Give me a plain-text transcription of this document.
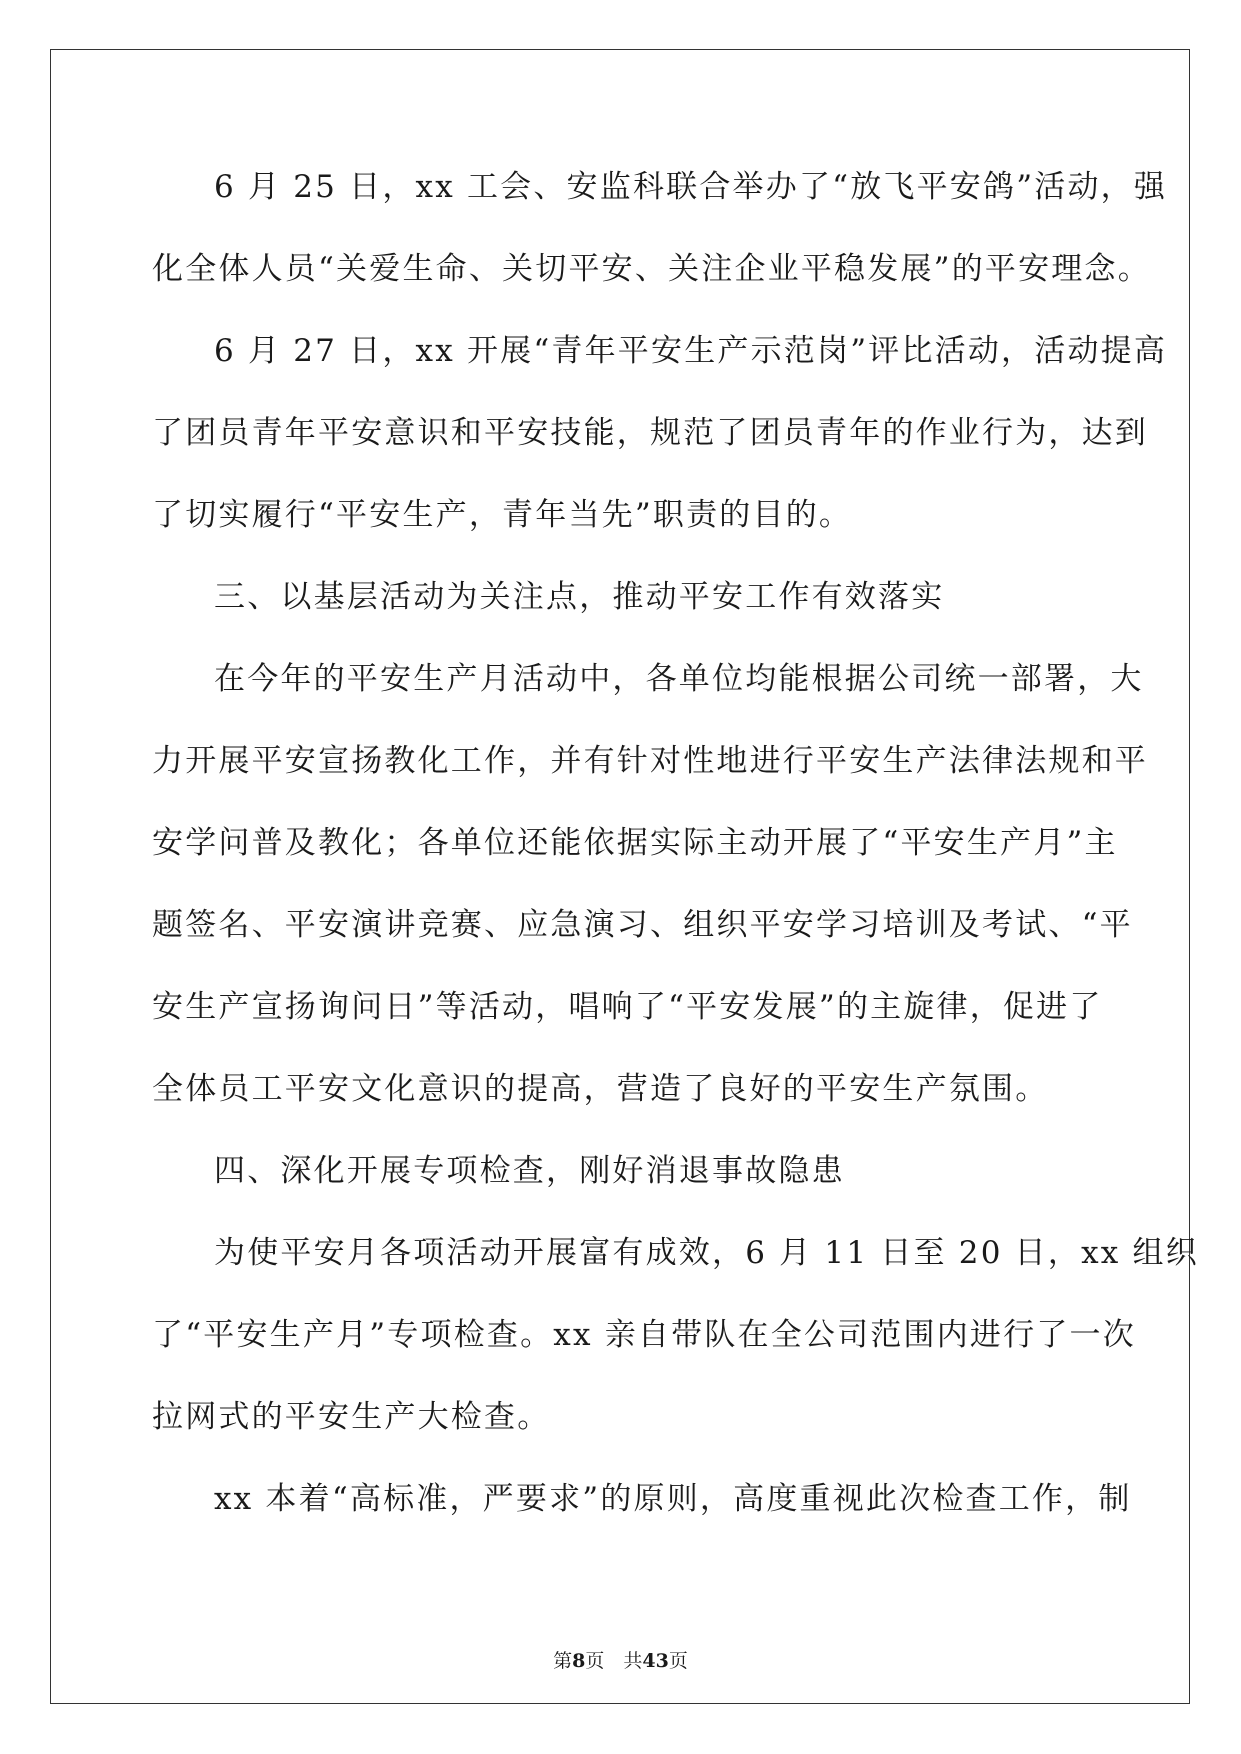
6 月 25 日，xx 工会、安监科联合举办了“放飞平安鸽”活动，强
化全体人员“关爱生命、关切平安、关注企业平稳发展”的平安理念。
6 月 27 日，xx 开展“青年平安生产示范岗”评比活动，活动提高
了团员青年平安意识和平安技能，规范了团员青年的作业行为，达到
了切实履行“平安生产，青年当先”职责的目的。
三、以基层活动为关注点，推动平安工作有效落实
在今年的平安生产月活动中，各单位均能根据公司统一部署，大
力开展平安宣扬教化工作，并有针对性地进行平安生产法律法规和平
安学问普及教化；各单位还能依据实际主动开展了“平安生产月”主
题签名、平安演讲竞赛、应急演习、组织平安学习培训及考试、“平
安生产宣扬询问日”等活动，唱响了“平安发展”的主旋律，促进了
全体员工平安文化意识的提高，营造了良好的平安生产氛围。
四、深化开展专项检查，刚好消退事故隐患
为使平安月各项活动开展富有成效，6 月 11 日至 20 日，xx 组织
了“平安生产月”专项检查。xx 亲自带队在全公司范围内进行了一次
拉网式的平安生产大检查。
xx 本着“高标准，严要求”的原则，高度重视此次检查工作，制
第8页　共43页
